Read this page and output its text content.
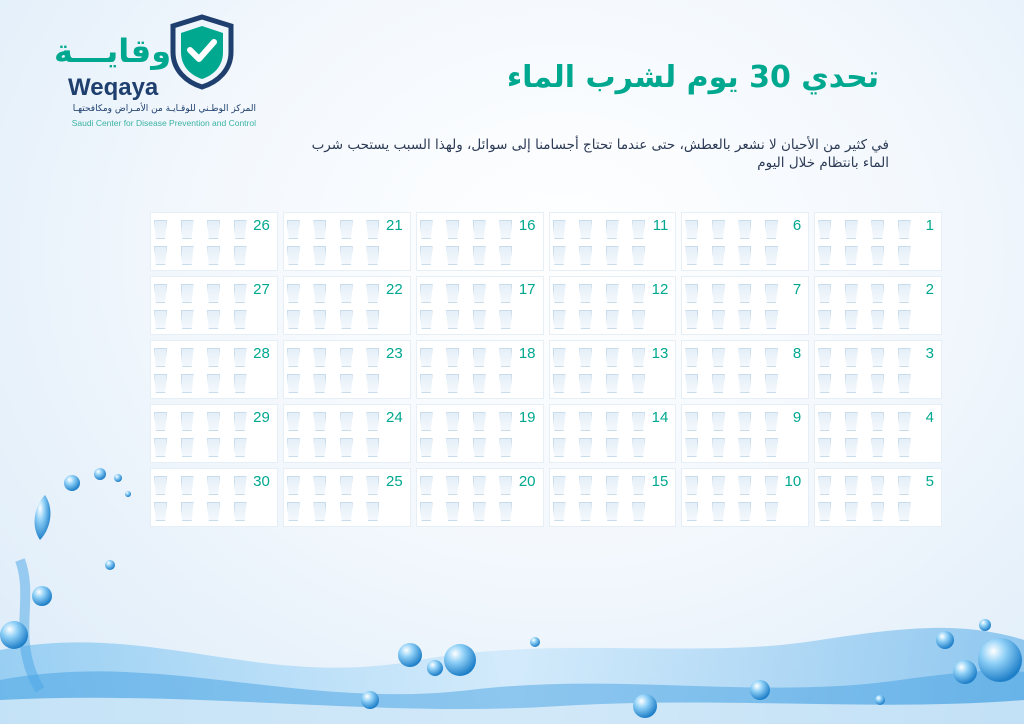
وقايـــة
Weqaya
المركز الوطـني للوقـايـة من الأمـراض ومكافحتهـا
Saudi Center for Disease Prevention and Control
تحدي 30 يوم لشرب الماء
في كثير من الأحيان لا نشعر بالعطش، حتى عندما تحتاج أجسامنا إلى سوائل، ولهذا السبب يستحب شرب الماء بانتظام خلال اليوم
1
6
11
16
21
26
2
7
12
17
22
27
3
8
13
18
23
28
4
9
14
19
24
29
5
10
15
20
25
30
